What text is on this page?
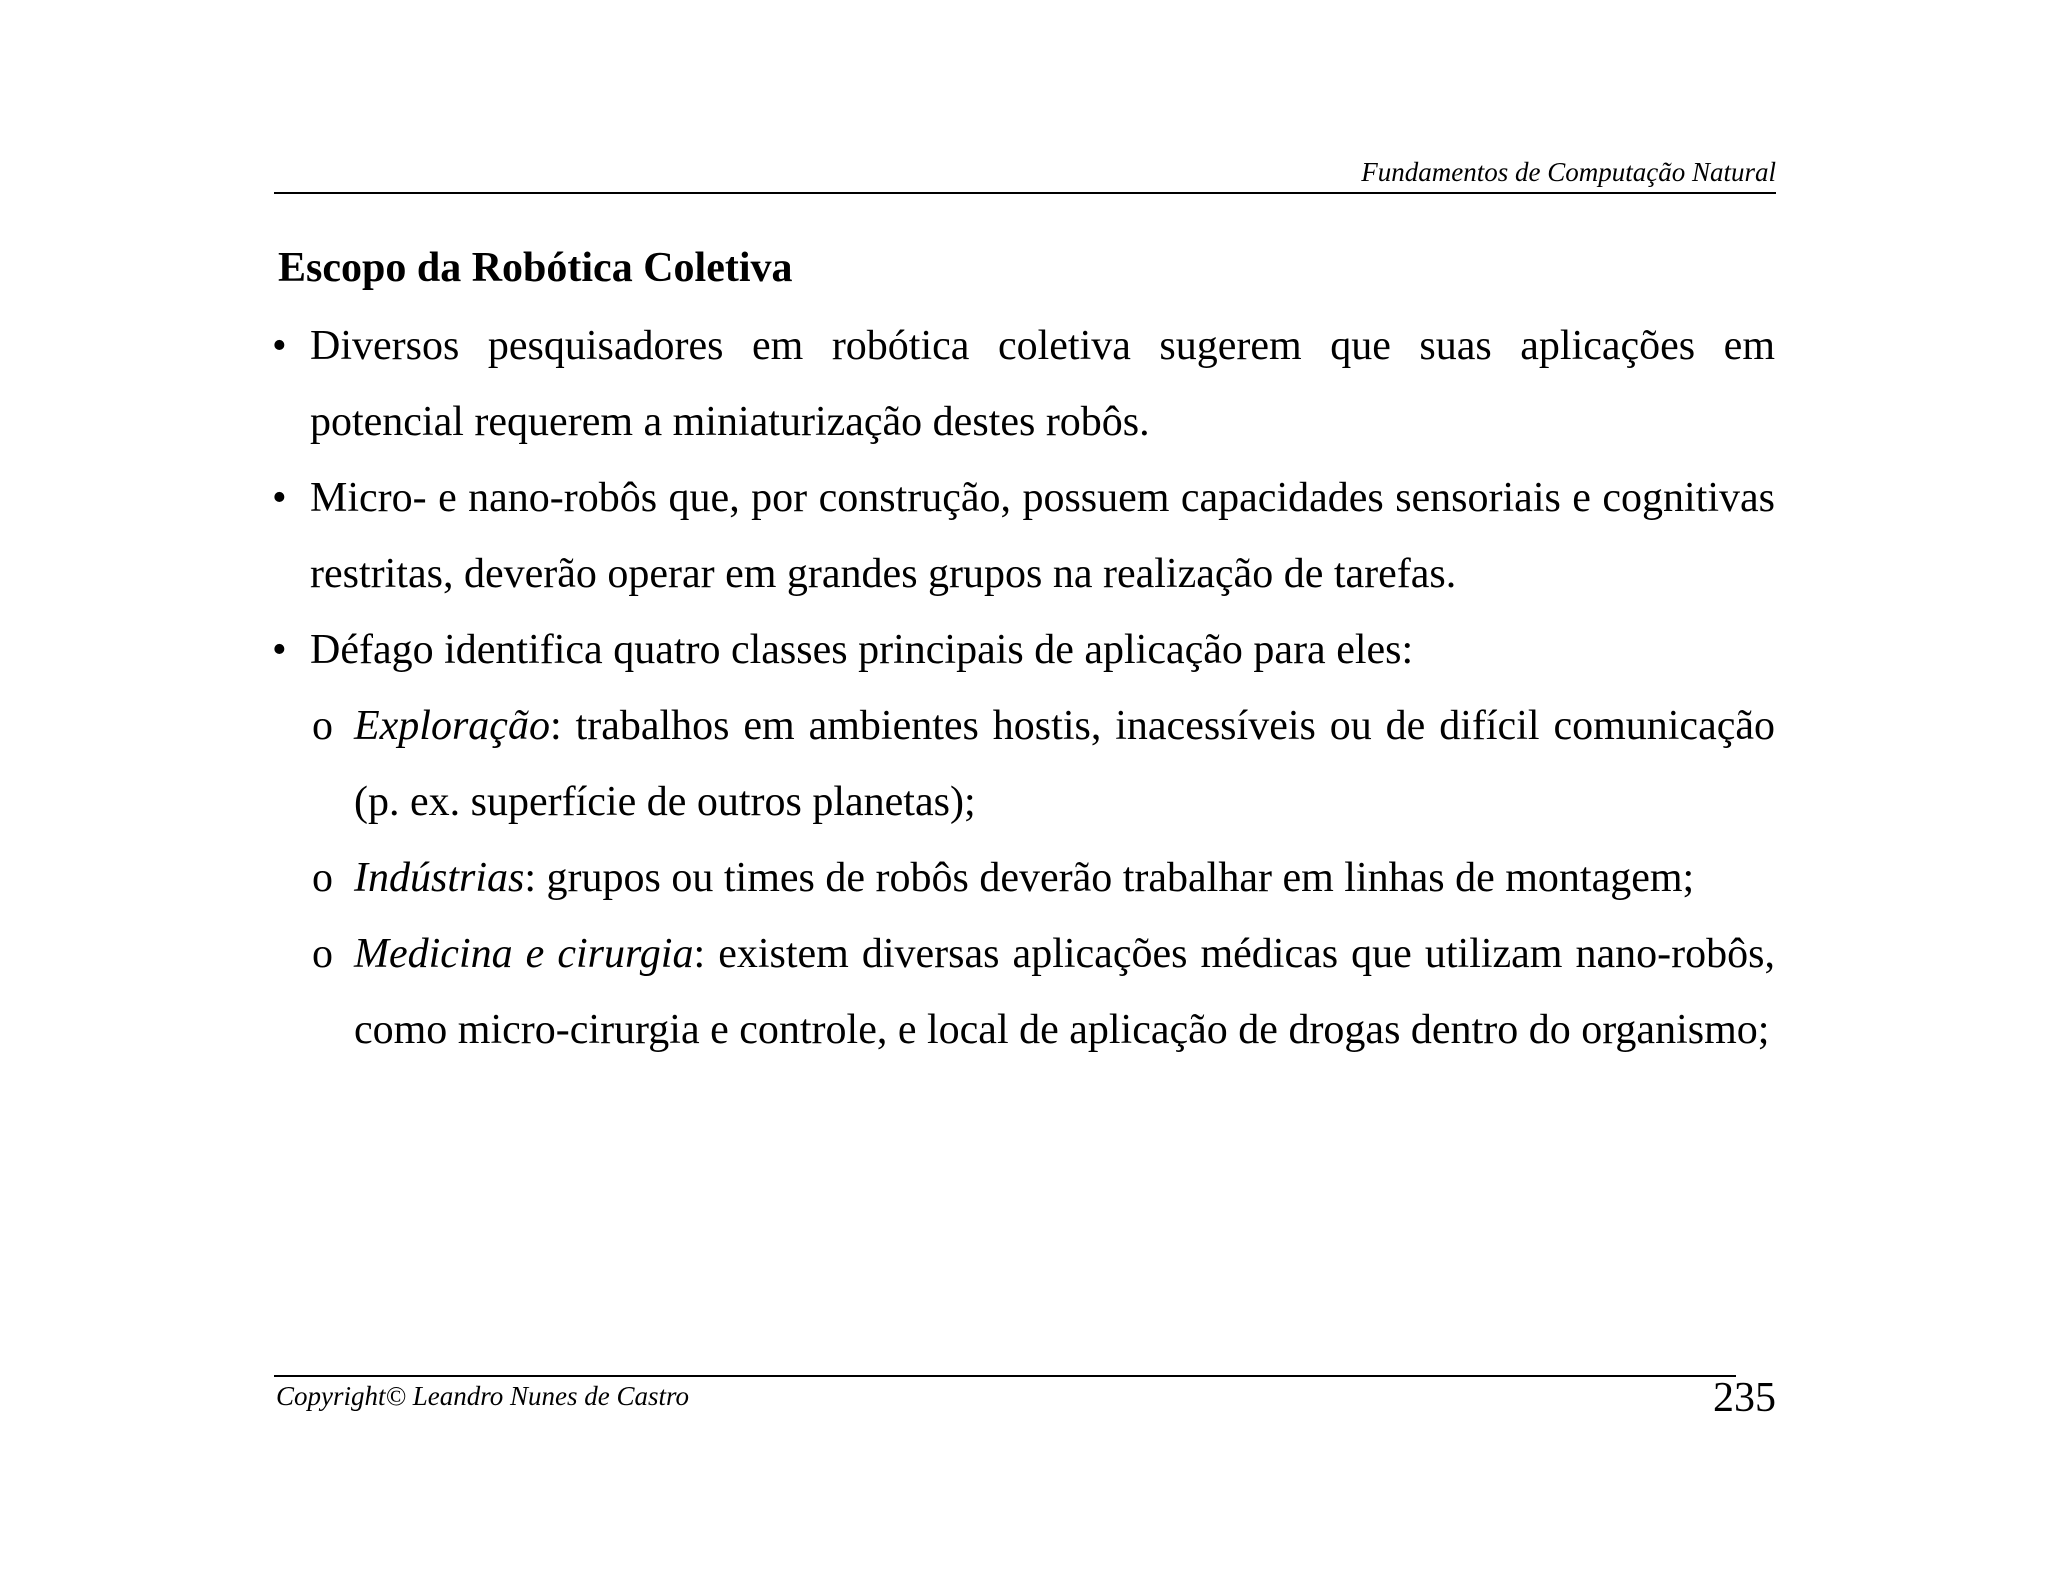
Fundamentos de Computação Natural
Escopo da Robótica Coletiva

• Diversos pesquisadores em robótica coletiva sugerem que suas aplicações em potencial requerem a miniaturização destes robôs.

• Micro- e nano-robôs que, por construção, possuem capacidades sensoriais e cognitivas restritas, deverão operar em grandes grupos na realização de tarefas.

• Défago identifica quatro classes principais de aplicação para eles:

o Exploração: trabalhos em ambientes hostis, inacessíveis ou de difícil comunicação (p. ex. superfície de outros planetas);

o Indústrias: grupos ou times de robôs deverão trabalhar em linhas de montagem;

o Medicina e cirurgia: existem diversas aplicações médicas que utilizam nano-robôs, como micro-cirurgia e controle, e local de aplicação de drogas dentro do organismo;

Copyright© Leandro Nunes de Castro	235
